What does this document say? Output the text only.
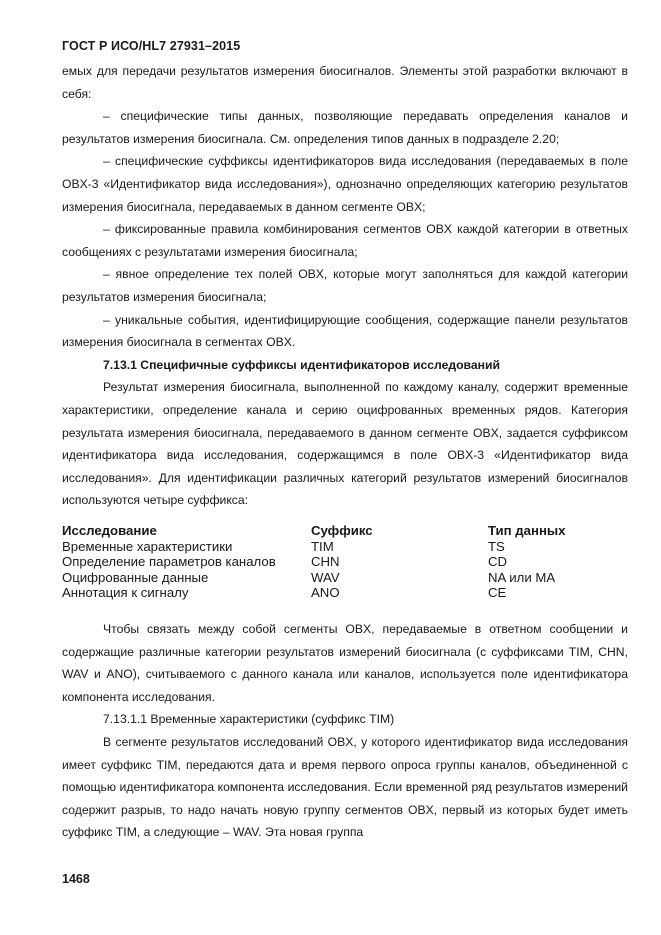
ГОСТ Р ИСО/HL7 27931–2015

емых для передачи результатов измерения биосигналов. Элементы этой разработки включают в себя:

– специфические типы данных, позволяющие передавать определения каналов и результатов измерения биосигнала. См. определения типов данных в подразделе 2.20;

– специфические суффиксы идентификаторов вида исследования (передаваемых в поле OBX-3 «Идентификатор вида исследования»), однозначно определяющих категорию результатов измерения биосигнала, передаваемых в данном сегменте OBX;

– фиксированные правила комбинирования сегментов OBX каждой категории в ответных сообщениях с результатами измерения биосигнала;

– явное определение тех полей OBX, которые могут заполняться для каждой категории результатов измерения биосигнала;

– уникальные события, идентифицирующие сообщения, содержащие панели результатов измерения биосигнала в сегментах OBX.

7.13.1 Специфичные суффиксы идентификаторов исследований

Результат измерения биосигнала, выполненной по каждому каналу, содержит временные характеристики, определение канала и серию оцифрованных временных рядов. Категория результата измерения биосигнала, передаваемого в данном сегменте OBX, задается суффиксом идентификатора вида исследования, содержащимся в поле OBX-3 «Идентификатор вида исследования». Для идентификации различных категорий результатов измерений биосигналов используются четыре суффикса:

Исследование	Суффикс	Тип данных
Временные характеристики	TIM	TS
Определение параметров каналов	CHN	CD
Оцифрованные данные	WAV	NA или MA
Аннотация к сигналу	ANO	CE

Чтобы связать между собой сегменты OBX, передаваемые в ответном сообщении и содержащие различные категории результатов измерений биосигнала (с суффиксами TIM, CHN, WAV и ANO), считываемого с данного канала или каналов, используется поле идентификатора компонента исследования.

7.13.1.1 Временные характеристики (суффикс TIM)

В сегменте результатов исследований OBX, у которого идентификатор вида исследования имеет суффикс TIM, передаются дата и время первого опроса группы каналов, объединенной с помощью идентификатора компонента исследования. Если временной ряд результатов измерений содержит разрыв, то надо начать новую группу сегментов OBX, первый из которых будет иметь суффикс TIM, а следующие – WAV. Эта новая группа

1468
